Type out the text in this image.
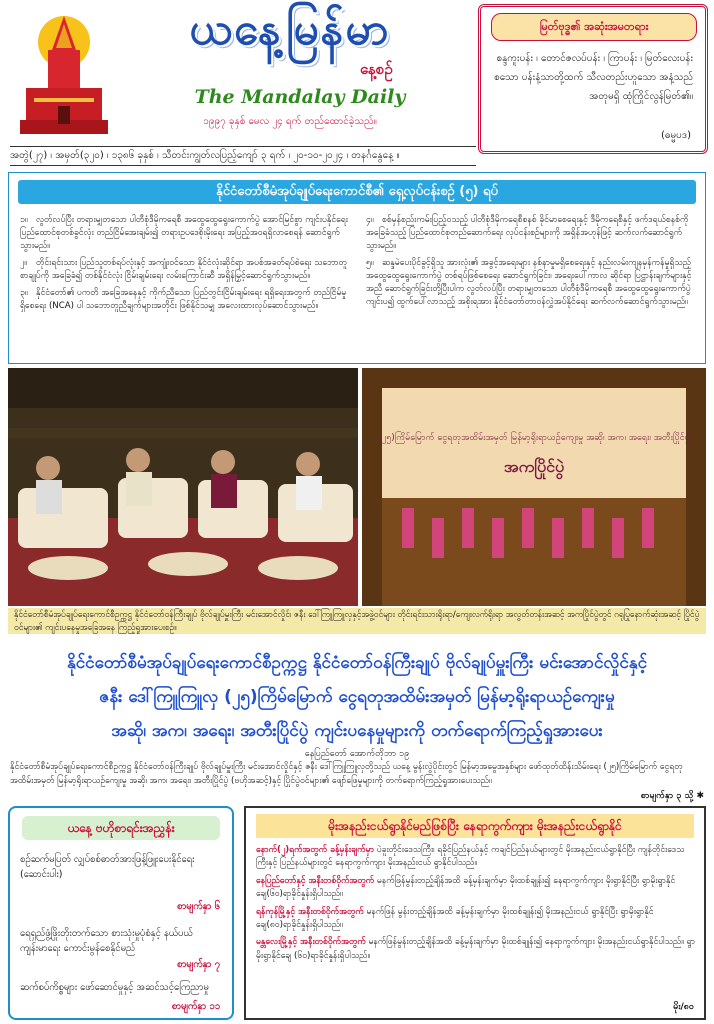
ယနေ့မြန်မာ
နေ့စဉ်
The Mandalay Daily
၁၉၉၇ ခုနှစ် မေလ ၂၄ ရက် တည်ထောင်ခဲ့သည်။
မြတ်ဗုဒ္ဓ၏ အဆုံးအမတရား
စန္ဒကူးပန်း ၊ တောင်ဇလပ်ပန်း ၊ ကြာပန်း ၊ မြတ်လေးပန်း စသော ပန်းနံ့သာတို့ထက် သီလတည်းဟူသော အနံ့သည် အတုမရှိ ထုံကြိုင်လွန်မြတ်၏။
(ဓမ္မပဒ)
အတွဲ(၂၇) ၊ အမှတ်(၃၂၀) ၊ ၁၃၈၆ ခုနှစ် ၊ သီတင်းကျွတ်လပြည့်ကျော် ၃ ရက် ၊ ၂၀-၁၀-၂၀၂၄ ၊ တနင်္ဂနွေနေ့ ။
နိုင်ငံတော်စီမံအုပ်ချုပ်ရေးကောင်စီ၏ ရှေ့လုပ်ငန်းစဉ် (၅) ရပ်

၁။ လွတ်လပ်ပြီး တရားမျှတသော ပါတီစုံဒီမိုကရေစီ အထွေထွေရွေးကောက်ပွဲ အောင်မြင်စွာ ကျင်းပနိုင်ရေး ပြည်ထောင်စုတစ်ခွင်လုံး တည်ငြိမ်အေးချမ်း၍ တရားဥပဒေစိုးမိုးရေး အပြည့်အဝရရှိလာစေရန် ဆောင်ရွက်သွားမည်။

၂။ တိုင်းရင်းသား ပြည်သူတစ်ရပ်လုံးနှင့် အကျုံးဝင်သော နိုင်ငံလုံးဆိုင်ရာ အပစ်အခတ်ရပ်စဲရေး သဘောတူစာချုပ်ကို အခြေခံ၍ တစ်နိုင်ငံလုံး ငြိမ်းချမ်းရေး လမ်းကြောင်းဆီ အရှိန်မြှင့်ဆောင်ရွက်သွားမည်။

၃။ နိုင်ငံတော်၏ ပကတိ အခြေအနေနှင့် ကိုက်ညီသော ပြည်တွင်းငြိမ်းချမ်းရေး ရရှိရေးအတွက် တည်ငြိမ်မှုရှိစေရေး (NCA) ပါ သဘောတူညီချက်များအတိုင်း ဖြစ်နိုင်သမျှ အလေးထားလုပ်ဆောင်သွားမည်။

၄။ စစ်မှန်စည်းကမ်းပြည့်ဝသည့် ပါတီစုံဒီမိုကရေစီစနစ် ခိုင်မာစေရေးနှင့် ဒီမိုကရေစီနှင့် ဖက်ဒရယ်စနစ်ကို အခြေခံသည့် ပြည်ထောင်စုတည်ဆောက်ရေး လုပ်ငန်းစဉ်များကို အရှိန်အဟုန်ဖြင့် ဆက်လက်ဆောင်ရွက်သွားမည်။

၅။ ဆန္ဒမဲပေးပိုင်ခွင့်ရှိသူ အားလုံး၏ အခွင့်အရေးများ နစ်နာမှုမရှိစေရေးနှင့် နည်းလမ်းကျနမှန်ကန်မှုရှိသည့် အထွေထွေရွေးကောက်ပွဲ တစ်ရပ်ဖြစ်စေရေး ဆောင်ရွက်ခြင်း၊ အရေးပေါ်ကာလ ဆိုင်ရာ ပြဋ္ဌာန်းချက်များနှင့်အညီ ဆောင်ရွက်ခြင်းတို့ပြီးပါက လွတ်လပ်ပြီး တရားမျှတသော ပါတီစုံဒီမိုကရေစီ အထွေထွေရွေးကောက်ပွဲ ကျင်းပ၍ ထွက်ပေါ်လာသည့် အစိုးရအား နိုင်ငံတော်တာဝန်လွှဲအပ်နိုင်ရေး ဆက်လက်ဆောင်ရွက်သွားမည်။

(၂၅)ကြိမ်မြောက် ငွေရတုအထိမ်းအမှတ် မြန်မာ့ရိုးရာယဉ်ကျေးမှု အဆို၊ အက၊ အရေး၊ အတီးပြိုင်ပွဲ
အကပြိုင်ပွဲ
နိုင်ငံတော်စီမံအုပ်ချုပ်ရေးကောင်စီဥက္ကဋ္ဌ နိုင်ငံတော်ဝန်ကြီးချုပ် ဗိုလ်ချုပ်မှူးကြီး မင်းအောင်လှိုင်၊ ဇနီး ဒေါ်ကြူကြူလှနှင့်အဖွဲ့ဝင်များ တိုင်းရင်းသားရိုးရာ/ကျေးလက်ရိုးရာ အလွတ်တန်းအဆင့် အကပြိုင်ပွဲတွင် ဂရုပြုနောက်ဆုံးအဆင့် ပြိုင်ပွဲဝင်များ၏ ကျင်းပနေမှုအခြေအနေ ကြည့်ရှုအားပေးစဉ်။
နိုင်ငံတော်စီမံအုပ်ချုပ်ရေးကောင်စီဥက္ကဋ္ဌ နိုင်ငံတော်ဝန်ကြီးချုပ် ဗိုလ်ချုပ်မှူးကြီး မင်းအောင်လှိုင်နှင့်
ဇနီး ဒေါ်ကြူကြူလှ (၂၅)ကြိမ်မြောက် ငွေရတုအထိမ်းအမှတ် မြန်မာ့ရိုးရာယဉ်ကျေးမှု
အဆို၊ အက၊ အရေး၊ အတီးပြိုင်ပွဲ ကျင်းပနေမှုများကို တက်ရောက်ကြည့်ရှုအားပေး
နေပြည်တော် အောက်တိုဘာ ၁၉
နိုင်ငံတော်စီမံအုပ်ချုပ်ရေးကောင်စီဥက္ကဋ္ဌ နိုင်ငံတော်ဝန်ကြီးချုပ် ဗိုလ်ချုပ်မှူးကြီး မင်းအောင်လှိုင်နှင့် ဇနီး ဒေါ်ကြူကြူလှတို့သည် ယနေ့ မွန်းလွဲပိုင်းတွင် မြန်မာ့အမွေအနှစ်များ ဖော်ထုတ်ထိန်းသိမ်းရေး (၂၅)ကြိမ်မြောက် ငွေရတုအထိမ်းအမှတ် မြန်မာ့ရိုးရာယဉ်ကျေးမှု အဆို၊ အက၊ အရေး၊ အတီးပြိုင်ပွဲ (ဗဟိုအဆင့်)နှင့် ပြိုင်ပွဲဝင်များ၏ ဖျော်ဖြေမှုများကို တက်ရောက်ကြည့်ရှုအားပေးသည်။
စာမျက်နှာ ၃ သို့ ✱
ယနေ့ ဗဟိုစာရင်းအညွှန်း
စဉ်ဆက်မပြတ် လျှပ်စစ်ဓာတ်အားဖြန့်ဖြူးပေးနိုင်ရေး (ဆောင်းပါး)
စာမျက်နှာ ၆
ရေရှည်ဖွံ့ဖြိုးတိုးတက်သော စားသုံးမှုပုံစံနှင့် နယ်ပယ်ကျန်းမာရေး ကောင်းမွန်စေနိုင်မည်
စာမျက်နှာ ၇
ဆက်စပ်ကိစ္စများ ဖော်ဆောင်မှုနှင့် အဆင်သင့်ကြေညာမှု
စာမျက်နှာ ၁၁
မိုးအနည်းငယ်ရွာနိုင်မည်ဖြစ်ပြီး နေရာကွက်ကျား မိုးအနည်းငယ်ရွာနိုင်

နောက်(၂)ရက်အတွက် ခန့်မှန်းချက်မှာ ပဲခူးတိုင်းဒေသကြီး၊ ရခိုင်ပြည်နယ်နှင့် ကချင်ပြည်နယ်များတွင် မိုးအနည်းငယ်ရွာနိုင်ပြီး ကျန်တိုင်းဒေသကြီးနှင့် ပြည်နယ်များတွင် နေရာကွက်ကျား မိုးအနည်းငယ် ရွာနိုင်ပါသည်။

နေပြည်တော်နှင့် အနီးတစ်ဝိုက်အတွက် မနက်ဖြန်မွန်းတည့်ချိန်အထိ ခန့်မှန်းချက်မှာ မိုးထစ်ချုန်း၍ နေရာကွက်ကျား မိုးရွာနိုင်ပြီး ရွာမိုးရွာနိုင်ချေ(၆၀)ရာခိုင်နှုန်းရှိပါသည်။

ရန်ကုန်မြို့နှင့် အနီးတစ်ဝိုက်အတွက် မနက်ဖြန် မွန်းတည့်ချိန်အထိ ခန့်မှန်းချက်မှာ မိုးထစ်ချုန်း၍ မိုးအနည်းငယ် ရွာနိုင်ပြီး ရွာမိုးရွာနိုင်ချေ(၈၀)ရာခိုင်နှုန်းရှိပါသည်။

မန္တလေးမြို့နှင့် အနီးတစ်ဝိုက်အတွက် မနက်ဖြန်မွန်းတည့်ချိန်အထိ ခန့်မှန်းချက်မှာ မိုးထစ်ချုန်း၍ နေရာကွက်ကျား မိုးအနည်းငယ်ရွာနိုင်ပါသည်။ ရွာမိုးရွာနိုင်ချေ (၆၀)ရာခိုင်နှုန်းရှိပါသည်။

မိုး/၈၀
